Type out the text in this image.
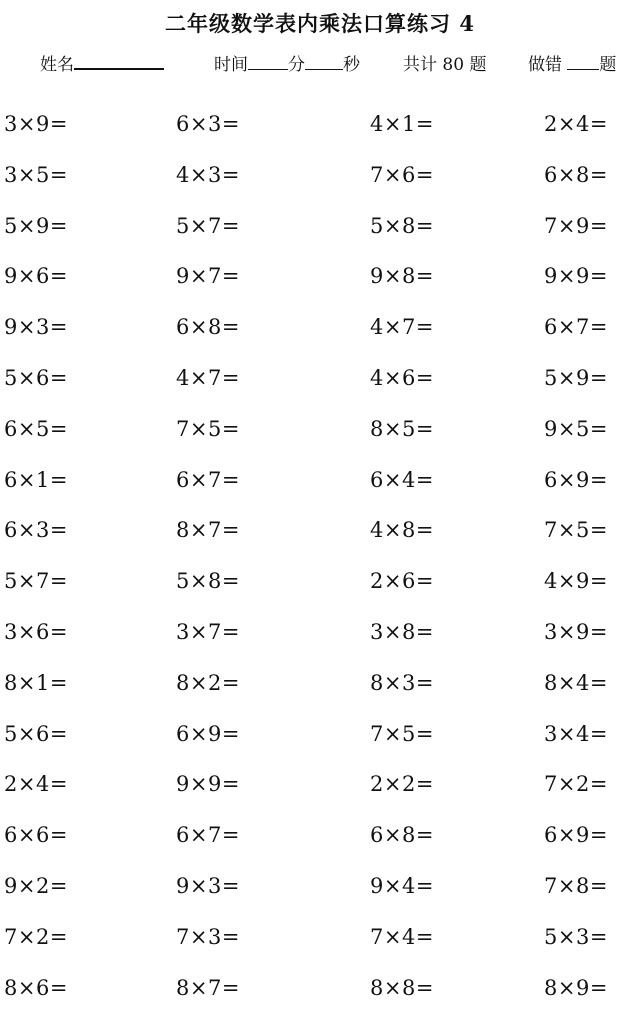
二年级数学表内乘法口算练习 4
姓名	时间 分 秒	共计 80 题 做错 题
3×9=	6×3=	4×1=	2×4=
3×5=	4×3=	7×6=	6×8=
5×9=	5×7=	5×8=	7×9=
9×6=	9×7=	9×8=	9×9=
9×3=	6×8=	4×7=	6×7=
5×6=	4×7=	4×6=	5×9=
6×5=	7×5=	8×5=	9×5=
6×1=	6×7=	6×4=	6×9=
6×3=	8×7=	4×8=	7×5=
5×7=	5×8=	2×6=	4×9=
3×6=	3×7=	3×8=	3×9=
8×1=	8×2=	8×3=	8×4=
5×6=	6×9=	7×5=	3×4=
2×4=	9×9=	2×2=	7×2=
6×6=	6×7=	6×8=	6×9=
9×2=	9×3=	9×4=	7×8=
7×2=	7×3=	7×4=	5×3=
8×6=	8×7=	8×8=	8×9=
